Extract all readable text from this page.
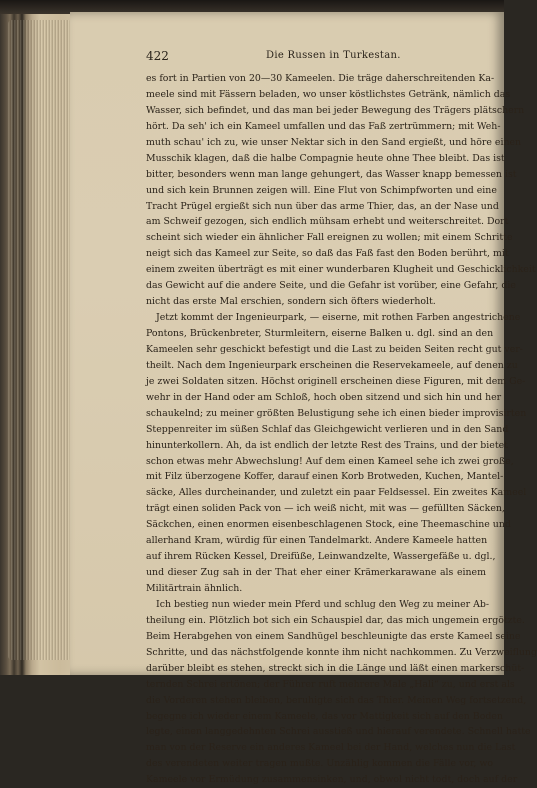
422	Die Russen in Turkestan.
es fort in Partien von 20—30 Kameelen. Die träge daherschreitenden Ka-
meele sind mit Fässern beladen, wo unser köstlichstes Getränk, nämlich das
Wasser, sich befindet, und das man bei jeder Bewegung des Trägers plätschern
hört. Da seh' ich ein Kameel umfallen und das Faß zertrümmern; mit Weh-
muth schau' ich zu, wie unser Nektar sich in den Sand ergießt, und höre einen
Musschik klagen, daß die halbe Compagnie heute ohne Thee bleibt. Das ist
bitter, besonders wenn man lange gehungert, das Wasser knapp bemessen ist
und sich kein Brunnen zeigen will. Eine Flut von Schimpfworten und eine
Tracht Prügel ergießt sich nun über das arme Thier, das, an der Nase und
am Schweif gezogen, sich endlich mühsam erhebt und weiterschreitet. Dort
scheint sich wieder ein ähnlicher Fall ereignen zu wollen; mit einem Schritte
neigt sich das Kameel zur Seite, so daß das Faß fast den Boden berührt, mit
einem zweiten überträgt es mit einer wunderbaren Klugheit und Geschicklichkeit
das Gewicht auf die andere Seite, und die Gefahr ist vorüber, eine Gefahr, die
nicht das erste Mal erschien, sondern sich öfters wiederholt.
Jetzt kommt der Ingenieurpark, — eiserne, mit rothen Farben angestrichene
Pontons, Brückenbreter, Sturmleitern, eiserne Balken u. dgl. sind an den
Kameelen sehr geschickt befestigt und die Last zu beiden Seiten recht gut ver-
theilt. Nach dem Ingenieurpark erscheinen die Reservekameele, auf denen zu
je zwei Soldaten sitzen. Höchst originell erscheinen diese Figuren, mit dem Ge-
wehr in der Hand oder am Schloß, hoch oben sitzend und sich hin und her
schaukelnd; zu meiner größten Belustigung sehe ich einen bieder improvisirten
Steppenreiter im süßen Schlaf das Gleichgewicht verlieren und in den Sand
hinunterkollern. Ah, da ist endlich der letzte Rest des Trains, und der bietet
schon etwas mehr Abwechslung! Auf dem einen Kameel sehe ich zwei große,
mit Filz überzogene Koffer, darauf einen Korb Brotweden, Kuchen, Mantel-
säcke, Alles durcheinander, und zuletzt ein paar Feldsessel. Ein zweites Kameel
trägt einen soliden Pack von — ich weiß nicht, mit was — gefüllten Säcken,
Säckchen, einen enormen eisenbeschlagenen Stock, eine Theemaschine und
allerhand Kram, würdig für einen Tandelmarkt. Andere Kameele hatten
auf ihrem Rücken Kessel, Dreifüße, Leinwandzelte, Wassergefäße u. dgl.,
und dieser Zug sah in der That eher einer Krämerkarawane als einem
Militärtrain ähnlich.
Ich bestieg nun wieder mein Pferd und schlug den Weg zu meiner Ab-
theilung ein. Plötzlich bot sich ein Schauspiel dar, das mich ungemein ergötzte.
Beim Herabgehen von einem Sandhügel beschleunigte das erste Kameel seine
Schritte, und das nächstfolgende konnte ihm nicht nachkommen. Zu Verzweiflung
darüber bleibt es stehen, streckt sich in die Länge und läßt einen markerschüt-
ternden Schrei ertönen; der Führer ruft mehrere Male „Hali“ zu, und erst als
die Vorderen stehen bleiben, beruhigte sich das Thier. Meinen Weg fortsetzend,
begegne ich wieder einem Kameele, das vor Mattigkeit sich auf den Boden
legte, einen langgedehnten Schrei ausstieß und hierauf verendete. Schnell hatte
man von der Reserve ein anderes Kameel bei der Hand, welches nun die Last
des verendeten weiter tragen mußte. Unzählig kommen die Fälle vor, wo
Kameele vor Ermüdung zusammensinken, und, obwol nicht todt, doch auf der
